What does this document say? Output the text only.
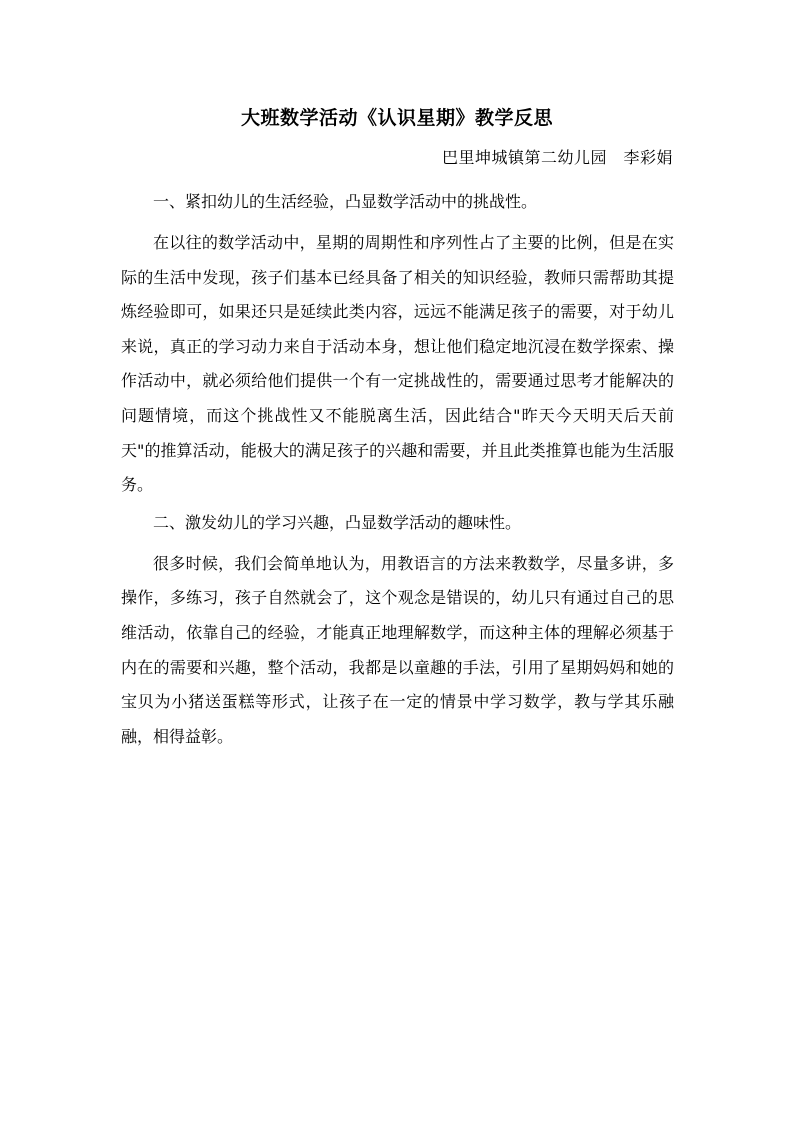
大班数学活动《认识星期》教学反思
巴里坤城镇第二幼儿园　李彩娟

一、紧扣幼儿的生活经验，凸显数学活动中的挑战性。

在以往的数学活动中，星期的周期性和序列性占了主要的比例，但是在实际的生活中发现，孩子们基本已经具备了相关的知识经验，教师只需帮助其提炼经验即可，如果还只是延续此类内容，远远不能满足孩子的需要，对于幼儿来说，真正的学习动力来自于活动本身，想让他们稳定地沉浸在数学探索、操作活动中，就必须给他们提供一个有一定挑战性的，需要通过思考才能解决的问题情境，而这个挑战性又不能脱离生活，因此结合"昨天今天明天后天前天"的推算活动，能极大的满足孩子的兴趣和需要，并且此类推算也能为生活服务。

二、激发幼儿的学习兴趣，凸显数学活动的趣味性。

很多时候，我们会简单地认为，用教语言的方法来教数学，尽量多讲，多操作，多练习，孩子自然就会了，这个观念是错误的，幼儿只有通过自己的思维活动，依靠自己的经验，才能真正地理解数学，而这种主体的理解必须基于内在的需要和兴趣，整个活动，我都是以童趣的手法，引用了星期妈妈和她的宝贝为小猪送蛋糕等形式，让孩子在一定的情景中学习数学，教与学其乐融融，相得益彰。
